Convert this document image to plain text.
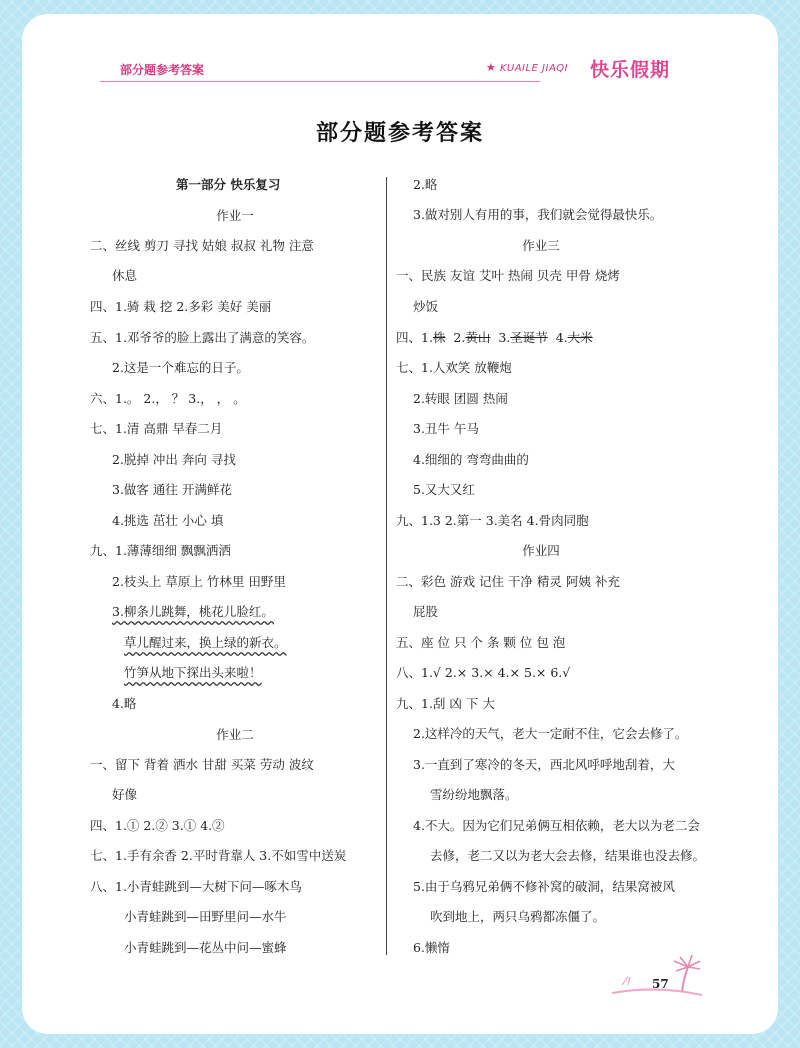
部分题参考答案	★ KUAILE JIAQI 快乐假期
部分题参考答案
第一部分 快乐复习
作业一
二、丝线 剪刀 寻找 姑娘 叔叔 礼物 注意
休息
四、1.骑 栽 挖 2.多彩 美好 美丽
五、1.邓爷爷的脸上露出了满意的笑容。
2.这是一个难忘的日子。
六、1.。 2.， ？ 3.， ， 。
七、1.清 高鼎 早春二月
2.脱掉 冲出 奔向 寻找
3.做客 通往 开满鲜花
4.挑选 茁壮 小心 填
九、1.薄薄细细 飘飘洒洒
2.枝头上 草原上 竹林里 田野里
3.柳条儿跳舞，桃花儿脸红。
草儿醒过来，换上绿的新衣。
竹笋从地下探出头来啦！
4.略
作业二
一、留下 背着 洒水 甘甜 买菜 劳动 波纹
好像
四、1.① 2.② 3.① 4.②
七、1.手有余香 2.平时背靠人 3.不如雪中送炭
八、1.小青蛙跳到—大树下问—啄木鸟
小青蛙跳到—田野里问—水牛
小青蛙跳到—花丛中问—蜜蜂
2.略
3.做对别人有用的事，我们就会觉得最快乐。
作业三
一、民族 友谊 艾叶 热闹 贝壳 甲骨 烧烤
炒饭
四、1.株 2.黄山 3.圣诞节 4.大米
七、1.人欢笑 放鞭炮
2.转眼 团圆 热闹
3.丑牛 午马
4.细细的 弯弯曲曲的
5.又大又红
九、1.3 2.第一 3.美名 4.骨肉同胞
作业四
二、彩色 游戏 记住 干净 精灵 阿姨 补充
屁股
五、座 位 只 个 条 颗 位 包 泡
八、1.√ 2.× 3.× 4.× 5.× 6.√
九、1.刮 凶 下 大
2.这样冷的天气，老大一定耐不住，它会去修了。
3.一直到了寒冷的冬天，西北风呼呼地刮着，大
雪纷纷地飘落。
4.不大。因为它们兄弟俩互相依赖，老大以为老二会
去修，老二又以为老大会去修，结果谁也没去修。
5.由于乌鸦兄弟俩不修补窝的破洞，结果窝被风
吹到地上，两只乌鸦都冻僵了。
6.懒惰
57
